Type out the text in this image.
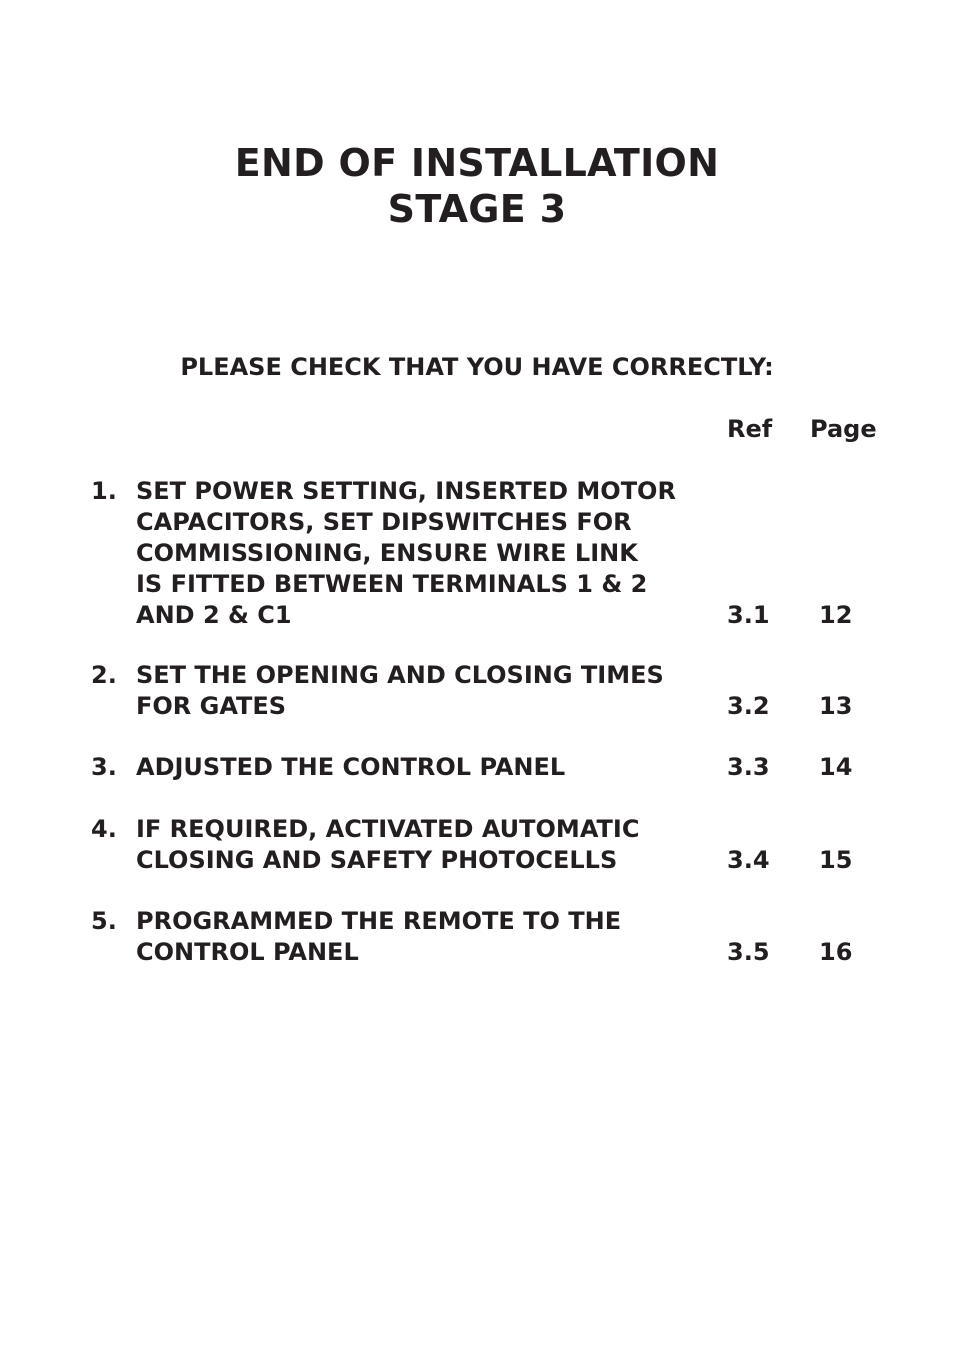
END OF INSTALLATION
STAGE 3
PLEASE CHECK THAT YOU HAVE CORRECTLY:
Ref Page
1. SET POWER SETTING, INSERTED MOTOR
CAPACITORS, SET DIPSWITCHES FOR
COMMISSIONING, ENSURE WIRE LINK
IS FITTED BETWEEN TERMINALS 1 & 2
AND 2 & C1	3.1 12
2. SET THE OPENING AND CLOSING TIMES
FOR GATES	3.2 13
3. ADJUSTED THE CONTROL PANEL	3.3 14
4. IF REQUIRED, ACTIVATED AUTOMATIC
CLOSING AND SAFETY PHOTOCELLS	3.4 15
5. PROGRAMMED THE REMOTE TO THE
CONTROL PANEL	3.5 16
